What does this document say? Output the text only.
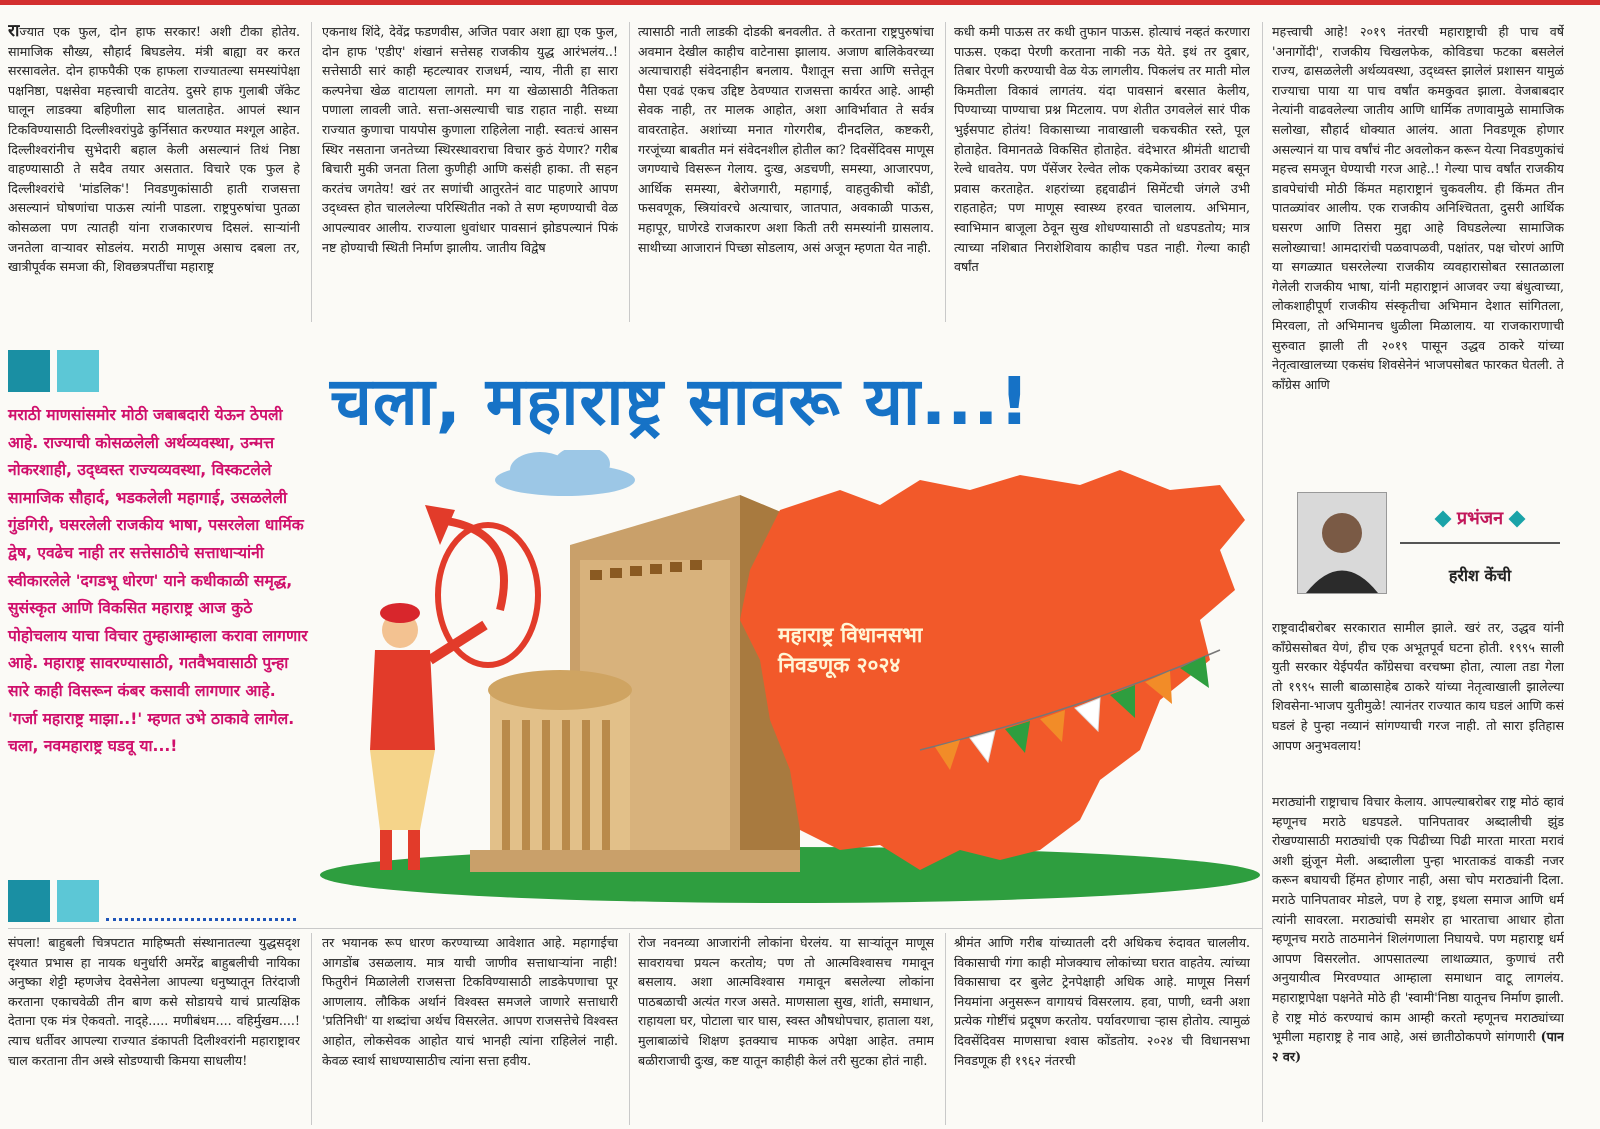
राज्यात एक फुल, दोन हाफ सरकार! अशी टीका होतेय. सामाजिक सौख्य, सौहार्द बिघडलेय. मंत्री बाह्या वर करत सरसावलेत. दोन हाफपैकी एक हाफला राज्यातल्या समस्यांपेक्षा पक्षनिष्ठा, पक्षसेवा महत्त्वाची वाटतेय. दुसरे हाफ गुलाबी जॅकेट घालून लाडक्या बहिणीला साद घालताहेत. आपलं स्थान टिकविण्यासाठी दिल्लीश्वरांपुढे कुर्निसात करण्यात मश्गूल आहेत. दिल्लीश्वरांनीच सुभेदारी बहाल केली असल्यानं तिथं निष्ठा वाहण्यासाठी ते सदैव तयार असतात. विचारे एक फुल हे दिल्लीश्वरांचे 'मांडलिक'! निवडणुकांसाठी हाती राजसत्ता असल्यानं घोषणांचा पाऊस त्यांनी पाडला. राष्ट्रपुरुषांचा पुतळा कोसळला पण त्यातही यांना राजकारणच दिसलं. साऱ्यांनी जनतेला वाऱ्यावर सोडलंय. मराठी माणूस असाच दबला तर, खात्रीपूर्वक समजा की, शिवछत्रपतींचा महाराष्ट्र

एकनाथ शिंदे, देवेंद्र फडणवीस, अजित पवार अशा ह्या एक फुल, दोन हाफ 'एडीए' शंखानं सत्तेसह राजकीय युद्ध आरंभलंय..! सत्तेसाठी सारं काही म्हटल्यावर राजधर्म, न्याय, नीती हा सारा कल्पनेचा खेळ वाटायला लागतो. मग या खेळासाठी नैतिकता पणाला लावली जाते. सत्ता-असल्याची चाड राहात नाही. सध्या राज्यात कुणाचा पायपोस कुणाला राहिलेला नाही. स्वतःचं आसन स्थिर नसताना जनतेच्या स्थिरस्थावराचा विचार कुठं येणार? गरीब बिचारी मुकी जनता तिला कुणीही आणि कसंही हाका. ती सहन करतंच जगतेय! खरं तर सणांची आतुरतेनं वाट पाहणारे आपण उद्ध्वस्त होत चाललेल्या परिस्थितीत नको ते सण म्हणण्याची वेळ आपल्यावर आलीय. राज्याला धुवांधार पावसानं झोडपल्यानं पिकं नष्ट होण्याची स्थिती निर्माण झालीय. जातीय विद्वेष

त्यासाठी नाती लाडकी दोडकी बनवलीत. ते करताना राष्ट्रपुरुषांचा अवमान देखील काहीच वाटेनासा झालाय. अजाण बालिकेवरच्या अत्याचाराही संवेदनाहीन बनलाय. पैशातून सत्ता आणि सत्तेतून पैसा एवढं एकच उद्दिष्ट ठेवण्यात राजसत्ता कार्यरत आहे. आम्ही सेवक नाही, तर मालक आहोत, अशा आविर्भावात ते सर्वत्र वावरताहेत. अशांच्या मनात गोरगरीब, दीनदलित, कष्टकरी, गरजूंच्या बाबतीत मनं संवेदनशील होतील का? दिवसेंदिवस माणूस जगण्याचे विसरून गेलाय. दुःख, अडचणी, समस्या, आजारपण, आर्थिक समस्या, बेरोजगारी, महागाई, वाहतुकीची कोंडी, फसवणूक, स्त्रियांवरचे अत्याचार, जातपात, अवकाळी पाऊस, महापूर, घाणेरडे राजकारण अशा किती तरी समस्यांनी ग्रासलाय. साथीच्या आजारानं पिच्छा सोडलाय, असं अजून म्हणता येत नाही.

कधी कमी पाऊस तर कधी तुफान पाऊस. होत्याचं नव्हतं करणारा पाऊस. एकदा पेरणी करताना नाकी नऊ येते. इथं तर दुबार, तिबार पेरणी करण्याची वेळ येऊ लागलीय. पिकलंच तर माती मोल किमतीला विकावं लागतंय. यंदा पावसानं बरसात केलीय, पिण्याच्या पाण्याचा प्रश्न मिटलाय. पण शेतीत उगवलेलं सारं पीक भुईसपाट होतंय! विकासाच्या नावाखाली चकचकीत रस्ते, पूल होताहेत. विमानतळे विकसित होताहेत. वंदेभारत श्रीमंती थाटाची रेल्वे धावतेय. पण पॅसेंजर रेल्वेत लोक एकमेकांच्या उरावर बसून प्रवास करताहेत. शहरांच्या हद्दवाढीनं सिमेंटची जंगले उभी राहताहेत; पण माणूस स्वास्थ्य हरवत चाललाय. अभिमान, स्वाभिमान बाजूला ठेवून सुख शोधण्यासाठी तो धडपडतोय; मात्र त्याच्या नशिबात निराशेशिवाय काहीच पडत नाही. गेल्या काही वर्षांत

महत्त्वाची आहे! २०१९ नंतरची महाराष्ट्राची ही पाच वर्षे 'अनागोंदी', राजकीय चिखलफेक, कोविडचा फटका बसलेलं राज्य, ढासळलेली अर्थव्यवस्था, उद्ध्वस्त झालेलं प्रशासन यामुळं राज्याचा पाया या पाच वर्षांत कमकुवत झाला. वेजबाबदार नेत्यांनी वाढवलेल्या जातीय आणि धार्मिक तणावामुळे सामाजिक सलोखा, सौहार्द धोक्यात आलंय. आता निवडणूक होणार असल्यानं या पाच वर्षांचं नीट अवलोकन करून येत्या निवडणुकांचं महत्त्व समजून घेण्याची गरज आहे..! गेल्या पाच वर्षांत राजकीय डावपेचांची मोठी किंमत महाराष्ट्रानं चुकवलीय. ही किंमत तीन पातळ्यांवर आलीय. एक राजकीय अनिश्चितता, दुसरी आर्थिक घसरण आणि तिसरा मुद्दा आहे विघडलेल्या सामाजिक सलोख्याचा! आमदारांची पळवापळवी, पक्षांतर, पक्ष चोरणं आणि या सगळ्यात घसरलेल्या राजकीय व्यवहारासोबत रसातळाला गेलेली राजकीय भाषा, यांनी महाराष्ट्रानं आजवर ज्या बंधुत्वाच्या, लोकशाहीपूर्ण राजकीय संस्कृतीचा अभिमान देशात सांगितला, मिरवला, तो अभिमानच धुळीला मिळालाय. या राजकाराणाची सुरुवात झाली ती २०१९ पासून उद्धव ठाकरे यांच्या नेतृत्वाखालच्या एकसंघ शिवसेनेनं भाजपसोबत फारकत घेतली. ते काँग्रेस आणि

मराठी माणसांसमोर मोठी जबाबदारी येऊन ठेपली आहे. राज्याची कोसळलेली अर्थव्यवस्था, उन्मत्त नोकरशाही, उद्ध्वस्त राज्यव्यवस्था, विस्कटलेले सामाजिक सौहार्द, भडकलेली महागाई, उसळलेली गुंडगिरी, घसरलेली राजकीय भाषा, पसरलेला धार्मिक द्वेष, एवढेच नाही तर सत्तेसाठीचे सत्ताधाऱ्यांनी स्वीकारलेले 'दगडभू धोरण' याने कधीकाळी समृद्ध, सुसंस्कृत आणि विकसित महाराष्ट्र आज कुठे पोहोचलाय याचा विचार तुम्हाआम्हाला करावा लागणार आहे. महाराष्ट्र सावरण्यासाठी, गतवैभवासाठी पुन्हा सारे काही विसरून कंबर कसावी लागणार आहे. 'गर्जा महाराष्ट्र माझा..!' म्हणत उभे ठाकावे लागेल. चला, नवमहाराष्ट्र घडवू या...!
चला, महाराष्ट्र सावरू या...!
महाराष्ट्र विधानसभा
निवडणूक २०२४
प्रभंजन
हरीश केंची

राष्ट्रवादीबरोबर सरकारात सामील झाले. खरं तर, उद्धव यांनी काँग्रेससोबत येणं, हीच एक अभूतपूर्व घटना होती. १९९५ साली युती सरकार येईपर्यंत काँग्रेसचा वरचष्मा होता, त्याला तडा गेला तो १९९५ साली बाळासाहेब ठाकरे यांच्या नेतृत्वाखाली झालेल्या शिवसेना-भाजप युतीमुळे! त्यानंतर राज्यात काय घडलं आणि कसं घडलं हे पुन्हा नव्यानं सांगण्याची गरज नाही. तो सारा इतिहास आपण अनुभवलाय!

मराठ्यांनी राष्ट्राचाच विचार केलाय. आपल्याबरोबर राष्ट्र मोठं व्हावं म्हणूनच मराठे धडपडले. पानिपतावर अब्दालीची झुंड रोखण्यासाठी मराठ्यांची एक पिढीच्या पिढी मारता मारता मरावं अशी झुंजून मेली. अब्दालीला पुन्हा भारताकडं वाकडी नजर करून बघायची हिंमत होणार नाही, असा चोप मराठ्यांनी दिला. मराठे पानिपतावर मोडले, पण हे राष्ट्र, इथला समाज आणि धर्म त्यांनी सावरला. मराठ्यांची समशेर हा भारताचा आधार होता म्हणूनच मराठे ताठमानेनं शिलंगणाला निघायचे. पण महाराष्ट्र धर्म आपण विसरलोत. आपसातल्या लाथाळ्यात, कुणाचं तरी अनुयायीत्व मिरवण्यात आम्हाला समाधान वाटू लागलंय. महाराष्ट्रापेक्षा पक्षनेते मोठे ही 'स्वामी'निष्ठा यातूनच निर्माण झाली. हे राष्ट्र मोठं करण्याचं काम आम्ही करतो म्हणूनच मराठ्यांच्या भूमीला महाराष्ट्र हे नाव आहे, असं छातीठोकपणे सांगणारी (पान २ वर)

संपला! बाहुबली चित्रपटात माहिष्मती संस्थानातल्या युद्धसदृश दृश्यात प्रभास हा नायक धनुर्धारी अमरेंद्र बाहुबलीची नायिका अनुष्का शेट्टी म्हणजेच देवसेनेला आपल्या धनुष्यातून तिरंदाजी करताना एकाचवेळी तीन बाण कसे सोडायचे याचं प्रात्यक्षिक देताना एक मंत्र ऐकवतो. नाद्हे..... मणीबंधम.... वहिर्मुखम....! त्याच धर्तीवर आपल्या राज्यात डंकापती दिलीश्वरांनी महाराष्ट्रावर चाल करताना तीन अस्त्रे सोडण्याची किमया साधलीय!

तर भयानक रूप धारण करण्याच्या आवेशात आहे. महागाईचा आगडोंब उसळलाय. मात्र याची जाणीव सत्ताधाऱ्यांना नाही! फितुरीनं मिळालेली राजसत्ता टिकविण्यासाठी लाडकेपणाचा पूर आणलाय. लौकिक अर्थानं विश्वस्त समजले जाणारे सत्ताधारी 'प्रतिनिधी' या शब्दांचा अर्थच विसरलेत. आपण राजसत्तेचे विश्वस्त आहोत, लोकसेवक आहोत याचं भानही त्यांना राहिलेलं नाही. केवळ स्वार्थ साधण्यासाठीच त्यांना सत्ता हवीय.

रोज नवनव्या आजारांनी लोकांना घेरलंय. या साऱ्यांतून माणूस सावरायचा प्रयत्न करतोय; पण तो आत्मविश्वासच गमावून बसलाय. अशा आत्मविश्वास गमावून बसलेल्या लोकांना पाठबळाची अत्यंत गरज असते. माणसाला सुख, शांती, समाधान, राहायला घर, पोटाला चार घास, स्वस्त औषधोपचार, हाताला यश, मुलाबाळांचे शिक्षण इतक्याच माफक अपेक्षा आहेत. तमाम बळीराजाची दुःख, कष्ट यातून काहीही केलं तरी सुटका होतं नाही.

श्रीमंत आणि गरीब यांच्यातली दरी अधिकच रुंदावत चाललीय. विकासाची गंगा काही मोजक्याच लोकांच्या घरात वाहतेय. त्यांच्या विकासाचा दर बुलेट ट्रेनपेक्षाही अधिक आहे. माणूस निसर्ग नियमांना अनुसरून वागायचं विसरलाय. हवा, पाणी, ध्वनी अशा प्रत्येक गोष्टींचं प्रदूषण करतोय. पर्यावरणाचा ऱ्हास होतोय. त्यामुळं दिवसेंदिवस माणसाचा श्वास कोंडतोय. २०२४ ची विधानसभा निवडणूक ही १९६२ नंतरची
